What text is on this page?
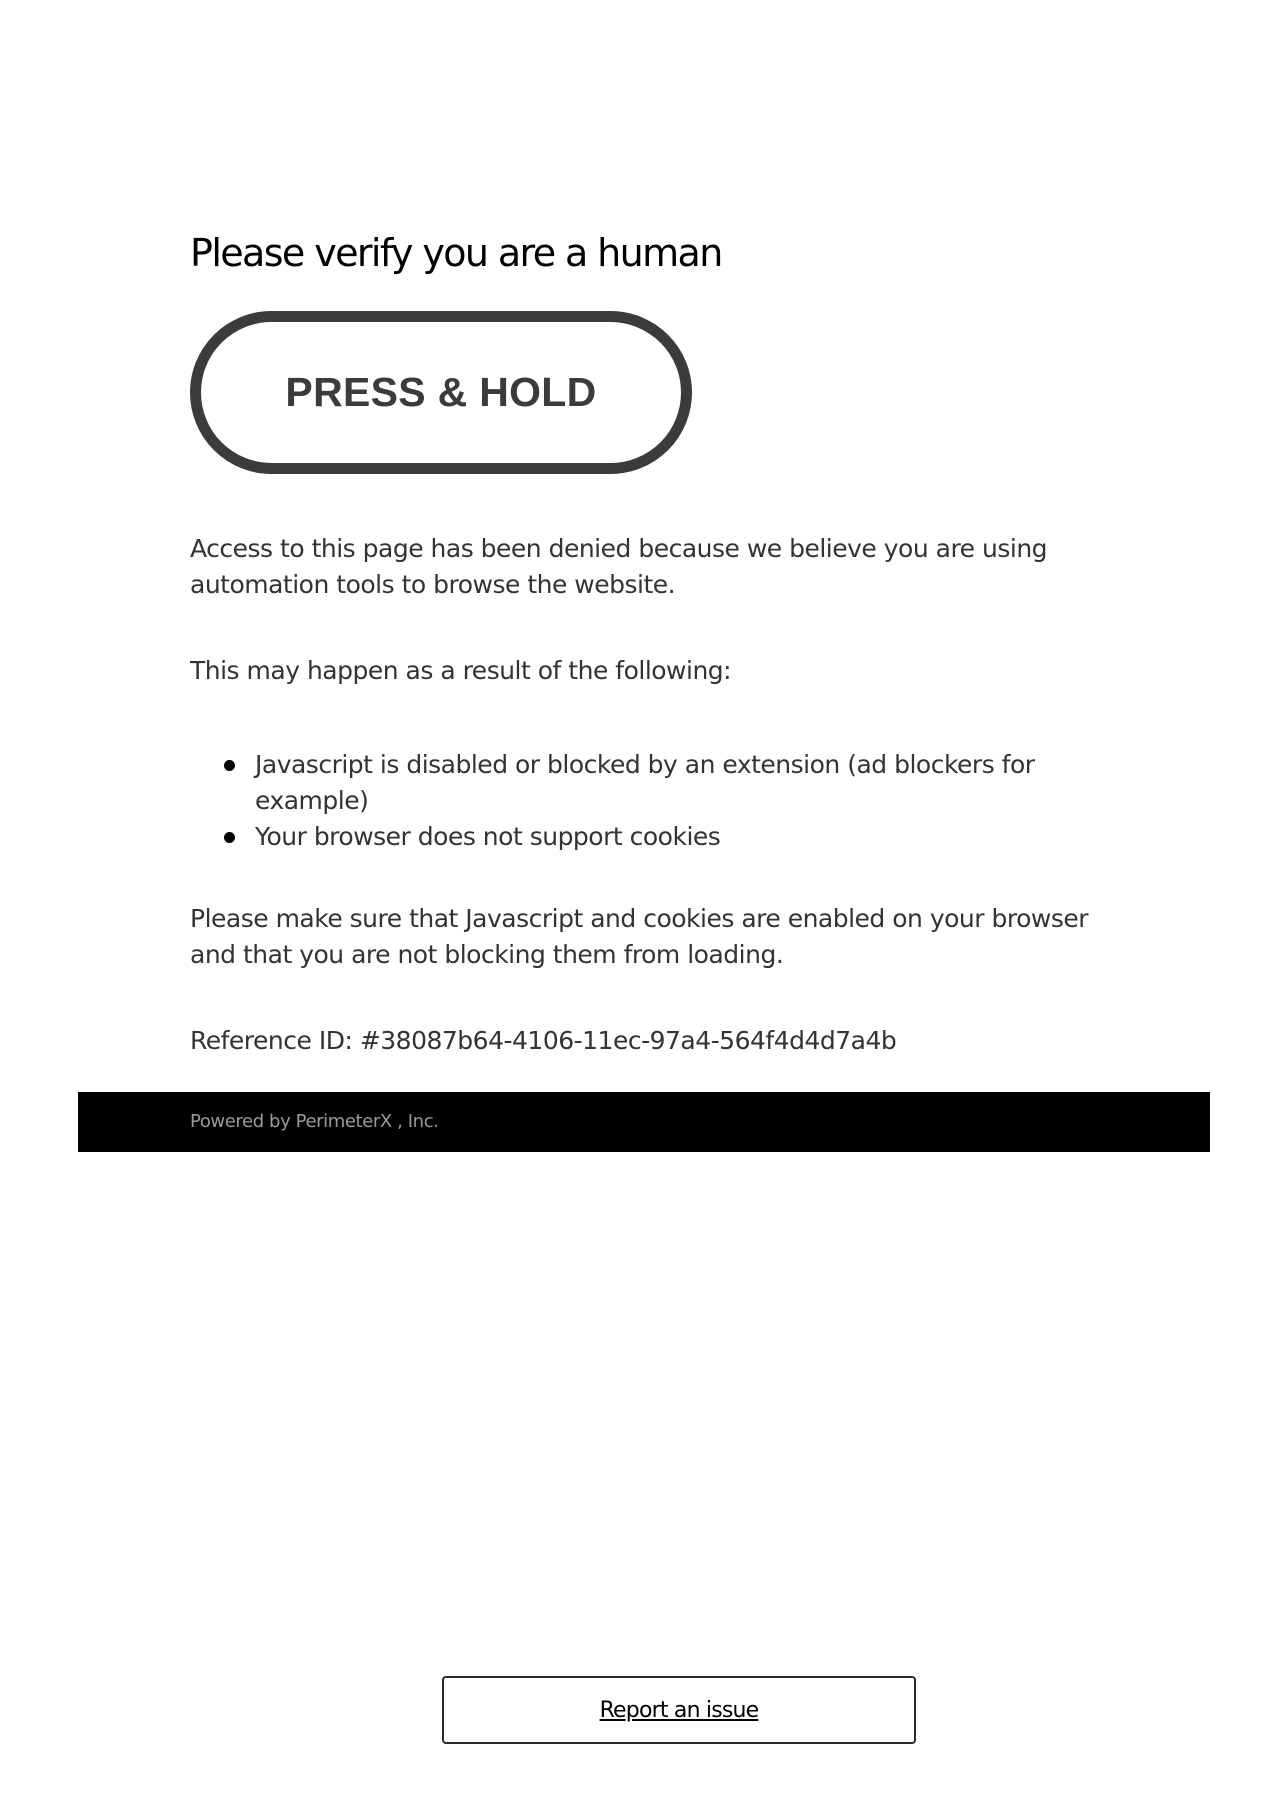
Please verify you are a human
PRESS & HOLD

Access to this page has been denied because we believe you are using automation tools to browse the website.

This may happen as a result of the following:

Javascript is disabled or blocked by an extension (ad blockers for example)
Your browser does not support cookies

Please make sure that Javascript and cookies are enabled on your browser and that you are not blocking them from loading.

Reference ID: #38087b64-4106-11ec-97a4-564f4d4d7a4b

Powered by PerimeterX , Inc.
Report an issue
